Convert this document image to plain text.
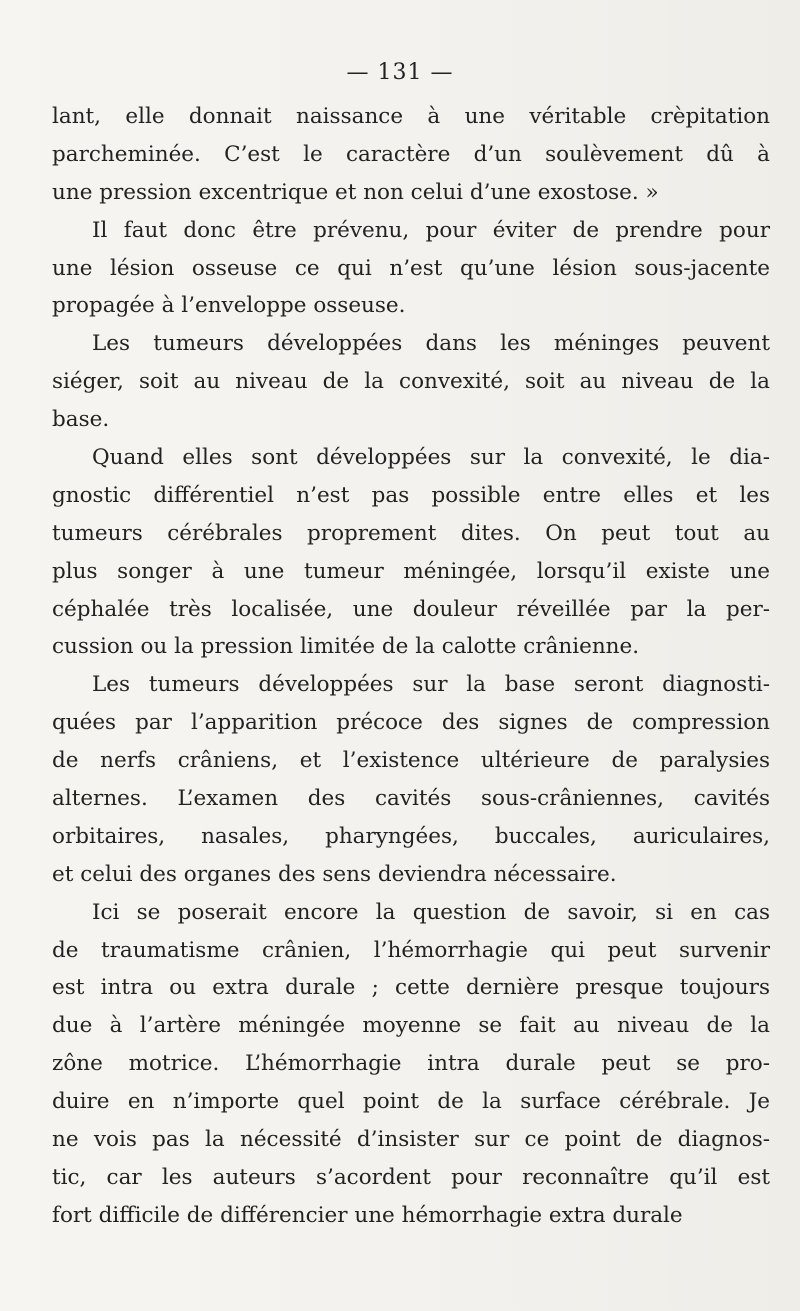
— 131 —
lant, elle donnait naissance à une véritable crèpitation
parcheminée. C’est le caractère d’un soulèvement dû à
une pression excentrique et non celui d’une exostose. »
Il faut donc être prévenu, pour éviter de prendre pour
une lésion osseuse ce qui n’est qu’une lésion sous-jacente
propagée à l’enveloppe osseuse.
Les tumeurs développées dans les méninges peuvent
siéger, soit au niveau de la convexité, soit au niveau de la
base.
Quand elles sont développées sur la convexité, le dia-
gnostic différentiel n’est pas possible entre elles et les
tumeurs cérébrales proprement dites. On peut tout au
plus songer à une tumeur méningée, lorsqu’il existe une
céphalée très localisée, une douleur réveillée par la per-
cussion ou la pression limitée de la calotte crânienne.
Les tumeurs développées sur la base seront diagnosti-
quées par l’apparition précoce des signes de compression
de nerfs crâniens, et l’existence ultérieure de paralysies
alternes. L’examen des cavités sous-crâniennes, cavités
orbitaires, nasales, pharyngées, buccales, auriculaires,
et celui des organes des sens deviendra nécessaire.
Ici se poserait encore la question de savoir, si en cas
de traumatisme crânien, l’hémorrhagie qui peut survenir
est intra ou extra durale ; cette dernière presque toujours
due à l’artère méningée moyenne se fait au niveau de la
zône motrice. L’hémorrhagie intra durale peut se pro-
duire en n’importe quel point de la surface cérébrale. Je
ne vois pas la nécessité d’insister sur ce point de diagnos-
tic, car les auteurs s’acordent pour reconnaître qu’il est
fort difficile de différencier une hémorrhagie extra durale
